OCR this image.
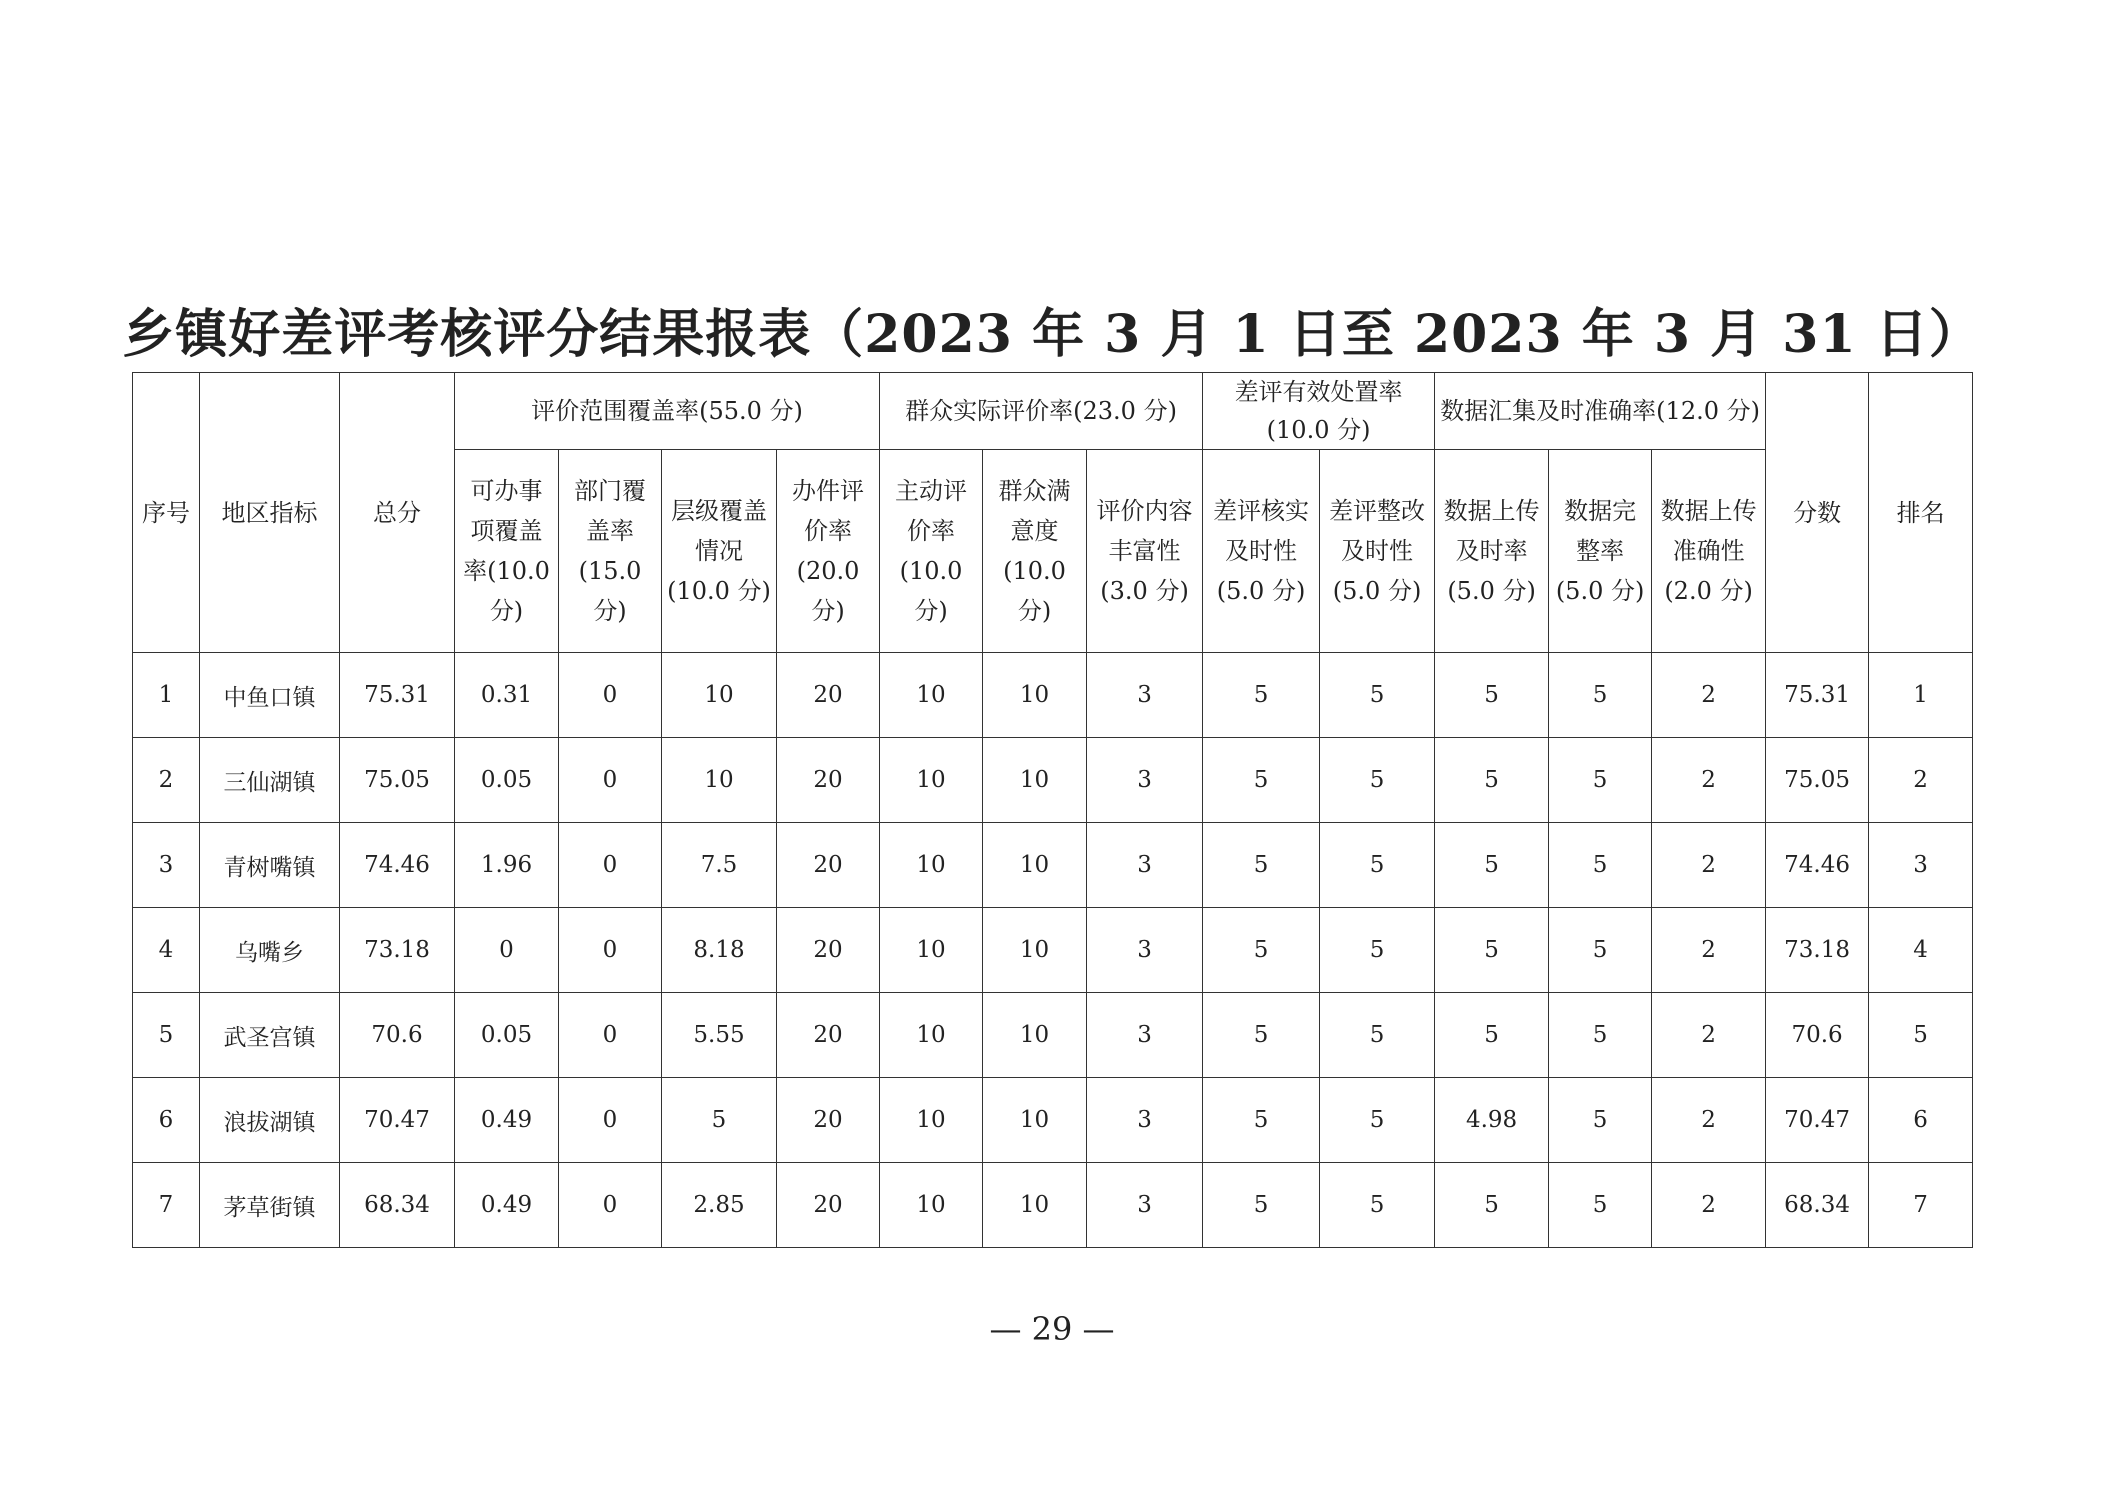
乡镇好差评考核评分结果报表（2023 年 3 月 1 日至 2023 年 3 月 31 日）
序号	地区指标	总分	评价范围覆盖率(55.0 分)				群众实际评价率(23.0 分)			差评有效处置率(10.0 分)		数据汇集及时准确率(12.0 分)			分数	排名
			可办事项覆盖率(10.0 分)	部门覆盖率(15.0 分)	层级覆盖情况(10.0 分)	办件评价率(20.0 分)	主动评价率(10.0 分)	群众满意度(10.0 分)	评价内容丰富性(3.0 分)	差评核实及时性(5.0 分)	差评整改及时性(5.0 分)	数据上传及时率(5.0 分)	数据完整率(5.0 分)	数据上传准确性(2.0 分)		
1	中鱼口镇	75.31	0.31	0	10	20	10	10	3	5	5	5	5	2	75.31	1
2	三仙湖镇	75.05	0.05	0	10	20	10	10	3	5	5	5	5	2	75.05	2
3	青树嘴镇	74.46	1.96	0	7.5	20	10	10	3	5	5	5	5	2	74.46	3
4	乌嘴乡	73.18	0	0	8.18	20	10	10	3	5	5	5	5	2	73.18	4
5	武圣宫镇	70.6	0.05	0	5.55	20	10	10	3	5	5	5	5	2	70.6	5
6	浪拔湖镇	70.47	0.49	0	5	20	10	10	3	5	5	4.98	5	2	70.47	6
7	茅草街镇	68.34	0.49	0	2.85	20	10	10	3	5	5	5	5	2	68.34	7
— 29 —
